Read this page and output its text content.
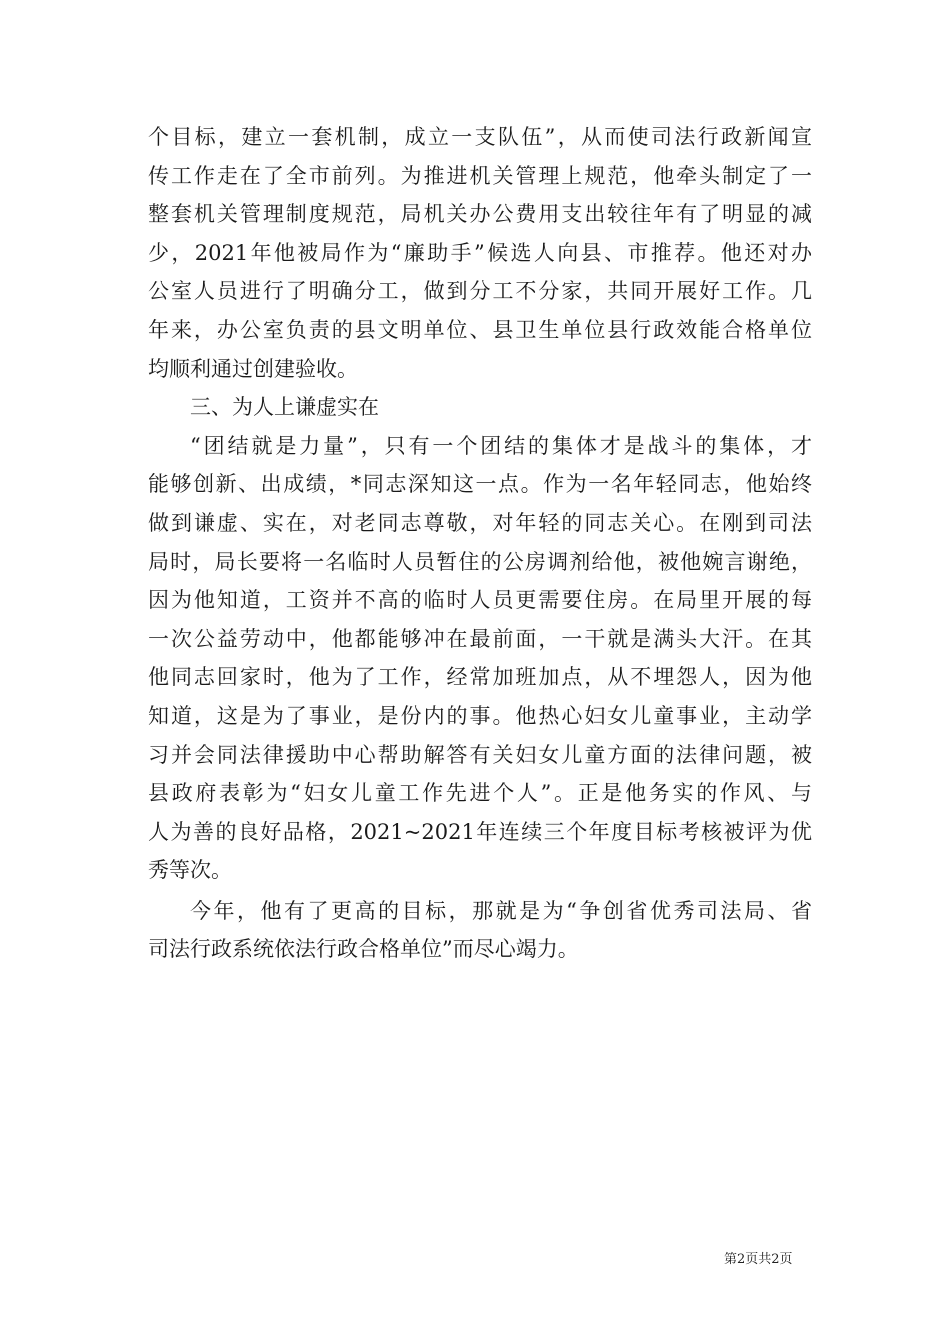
个目标，建立一套机制，成立一支队伍”，从而使司法行政新闻宣
传工作走在了全市前列。为推进机关管理上规范，他牵头制定了一
整套机关管理制度规范，局机关办公费用支出较往年有了明显的减
少，2021年他被局作为“廉助手”候选人向县、市推荐。他还对办
公室人员进行了明确分工，做到分工不分家，共同开展好工作。几
年来，办公室负责的县文明单位、县卫生单位县行政效能合格单位
均顺利通过创建验收。
三、为人上谦虚实在
“团结就是力量”，只有一个团结的集体才是战斗的集体，才
能够创新、出成绩，*同志深知这一点。作为一名年轻同志，他始终
做到谦虚、实在，对老同志尊敬，对年轻的同志关心。在刚到司法
局时，局长要将一名临时人员暂住的公房调剂给他，被他婉言谢绝，
因为他知道，工资并不高的临时人员更需要住房。在局里开展的每
一次公益劳动中，他都能够冲在最前面，一干就是满头大汗。在其
他同志回家时，他为了工作，经常加班加点，从不埋怨人，因为他
知道，这是为了事业，是份内的事。他热心妇女儿童事业，主动学
习并会同法律援助中心帮助解答有关妇女儿童方面的法律问题，被
县政府表彰为“妇女儿童工作先进个人”。正是他务实的作风、与
人为善的良好品格，2021~2021年连续三个年度目标考核被评为优
秀等次。
今年，他有了更高的目标，那就是为“争创省优秀司法局、省
司法行政系统依法行政合格单位”而尽心竭力。
第2页共2页
